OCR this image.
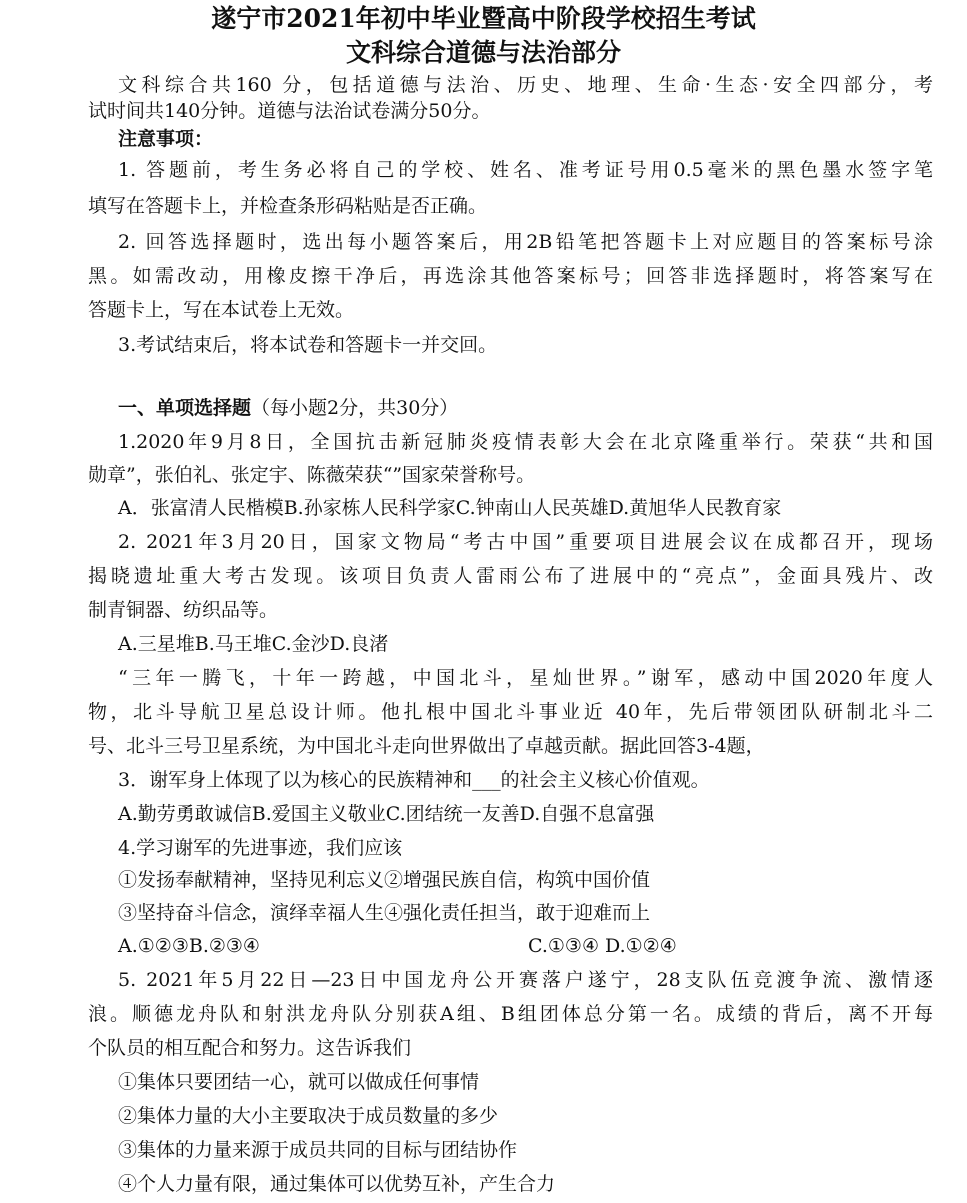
遂宁市2021年初中毕业暨高中阶段学校招生考试
文科综合道德与法治部分

文科综合共160 分，包括道德与法治、历史、地理、生命·生态·安全四部分，考

试时间共140分钟。道德与法治试卷满分50分。

注意事项：

1. 答题前，考生务必将自己的学校、姓名、准考证号用0.5毫米的黑色墨水签字笔

填写在答题卡上，并检查条形码粘贴是否正确。

2. 回答选择题时，选出每小题答案后，用2B铅笔把答题卡上对应题目的答案标号涂

黑。如需改动，用橡皮擦干净后，再选涂其他答案标号；回答非选择题时，将答案写在

答题卡上，写在本试卷上无效。

3.考试结束后，将本试卷和答题卡一并交回。

一、单项选择题（每小题2分，共30分）

1.2020年9月8日，全国抗击新冠肺炎疫情表彰大会在北京隆重举行。荣获“共和国

勋章”，张伯礼、张定宇、陈薇荣获“”国家荣誉称号。

A．张富清人民楷模B.孙家栋人民科学家C.钟南山人民英雄D.黄旭华人民教育家

2. 2021年3月20日，国家文物局“考古中国”重要项目进展会议在成都召开，现场

揭晓遗址重大考古发现。该项目负责人雷雨公布了进展中的“亮点”，金面具残片、改

制青铜器、纺织品等。

A.三星堆B.马王堆C.金沙D.良渚

“三年一腾飞，十年一跨越，中国北斗，星灿世界。”谢军，感动中国2020年度人

物，北斗导航卫星总设计师。他扎根中国北斗事业近 40年，先后带领团队研制北斗二

号、北斗三号卫星系统，为中国北斗走向世界做出了卓越贡献。据此回答3-4题，

3．谢军身上体现了以为核心的民族精神和___的社会主义核心价值观。

A.勤劳勇敢诚信B.爱国主义敬业C.团结统一友善D.自强不息富强

4.学习谢军的先进事迹，我们应该

①发扬奉献精神，坚持见利忘义②增强民族自信，构筑中国价值

③坚持奋斗信念，演绎幸福人生④强化责任担当，敢于迎难而上

A.①②③B.②③④	C.①③④ D.①②④

5. 2021年5月22日—23日中国龙舟公开赛落户遂宁，28支队伍竞渡争流、激情逐

浪。顺德龙舟队和射洪龙舟队分别获A组、B组团体总分第一名。成绩的背后，离不开每

个队员的相互配合和努力。这告诉我们

①集体只要团结一心，就可以做成任何事情

②集体力量的大小主要取决于成员数量的多少

③集体的力量来源于成员共同的目标与团结协作

④个人力量有限，通过集体可以优势互补，产生合力
